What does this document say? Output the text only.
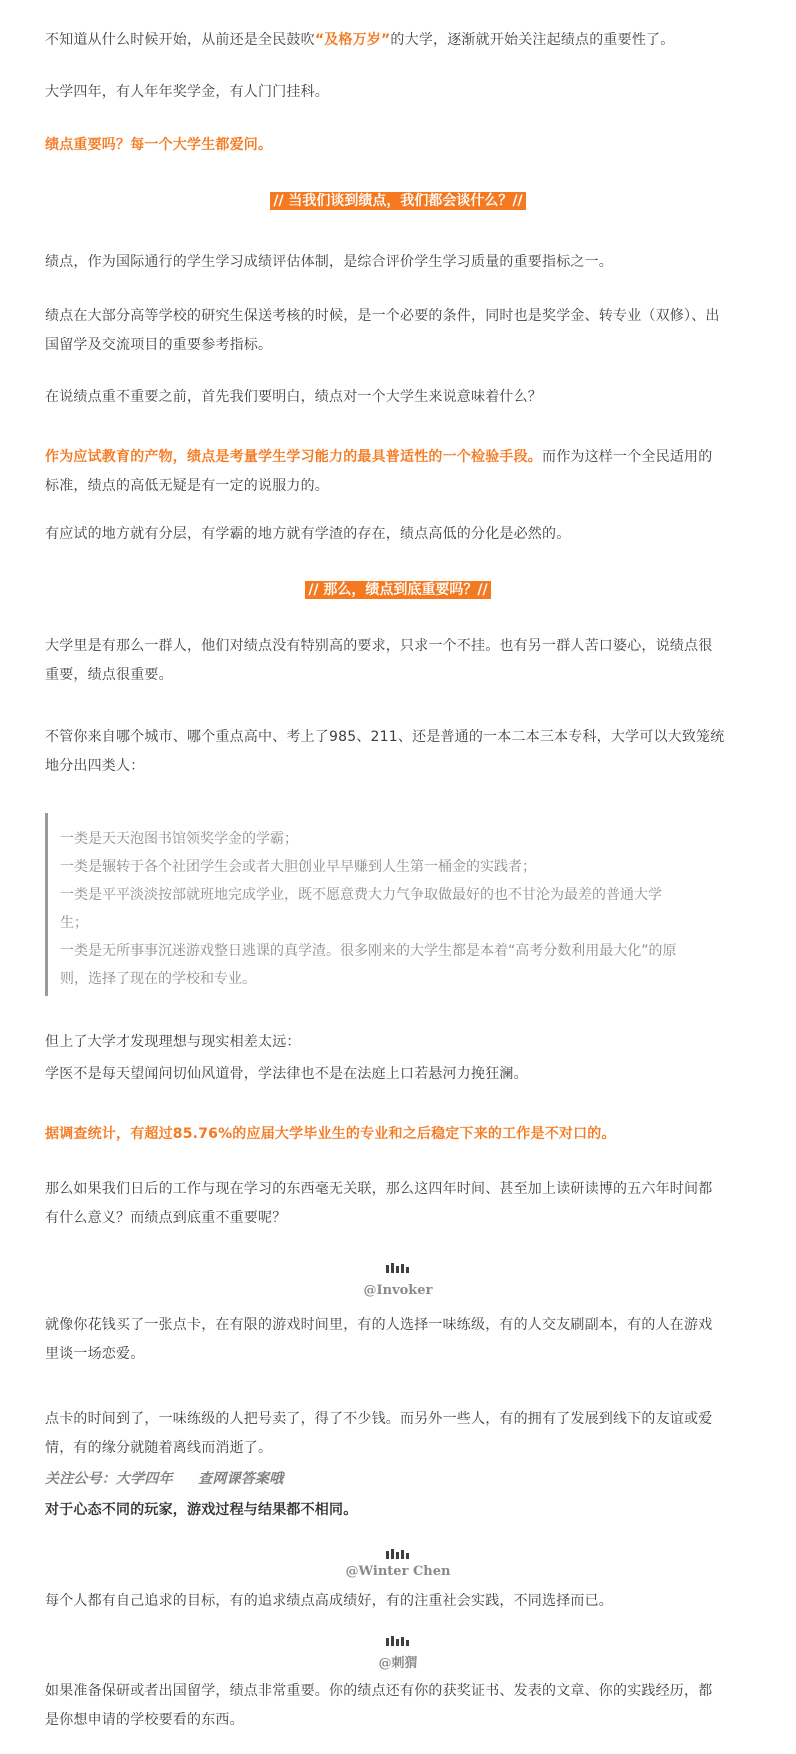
不知道从什么时候开始，从前还是全民鼓吹“及格万岁”的大学，逐渐就开始关注起绩点的重要性了。

大学四年，有人年年奖学金，有人门门挂科。

绩点重要吗？每一个大学生都爱问。

// 当我们谈到绩点，我们都会谈什么？//

绩点，作为国际通行的学生学习成绩评估体制，是综合评价学生学习质量的重要指标之一。

绩点在大部分高等学校的研究生保送考核的时候，是一个必要的条件，同时也是奖学金、转专业（双修）、出国留学及交流项目的重要参考指标。

在说绩点重不重要之前，首先我们要明白，绩点对一个大学生来说意味着什么？

作为应试教育的产物，绩点是考量学生学习能力的最具普适性的一个检验手段。而作为这样一个全民适用的标准，绩点的高低无疑是有一定的说服力的。

有应试的地方就有分层，有学霸的地方就有学渣的存在，绩点高低的分化是必然的。

// 那么，绩点到底重要吗？//

大学里是有那么一群人，他们对绩点没有特别高的要求，只求一个不挂。也有另一群人苦口婆心，说绩点很重要，绩点很重要。

不管你来自哪个城市、哪个重点高中、考上了985、211、还是普通的一本二本三本专科，大学可以大致笼统地分出四类人：

一类是天天泡图书馆领奖学金的学霸；

一类是辗转于各个社团学生会或者大胆创业早早赚到人生第一桶金的实践者；

一类是平平淡淡按部就班地完成学业，既不愿意费大力气争取做最好的也不甘沦为最差的普通大学

生；

一类是无所事事沉迷游戏整日逃课的真学渣。很多刚来的大学生都是本着“高考分数利用最大化”的原

则，选择了现在的学校和专业。

但上了大学才发现理想与现实相差太远：

学医不是每天望闻问切仙风道骨，学法律也不是在法庭上口若悬河力挽狂澜。

据调查统计，有超过85.76%的应届大学毕业生的专业和之后稳定下来的工作是不对口的。

那么如果我们日后的工作与现在学习的东西毫无关联，那么这四年时间、甚至加上读研读博的五六年时间都有什么意义？而绩点到底重不重要呢？

@Invoker

就像你花钱买了一张点卡，在有限的游戏时间里，有的人选择一味练级，有的人交友刷副本，有的人在游戏里谈一场恋爱。

点卡的时间到了，一味练级的人把号卖了，得了不少钱。而另外一些人，有的拥有了发展到线下的友谊或爱情，有的缘分就随着离线而消逝了。

关注公号：大学四年     查网课答案哦

对于心态不同的玩家，游戏过程与结果都不相同。

@Winter Chen

每个人都有自己追求的目标，有的追求绩点高成绩好，有的注重社会实践，不同选择而已。

@刺猬

如果准备保研或者出国留学，绩点非常重要。你的绩点还有你的获奖证书、发表的文章、你的实践经历，都是你想申请的学校要看的东西。
